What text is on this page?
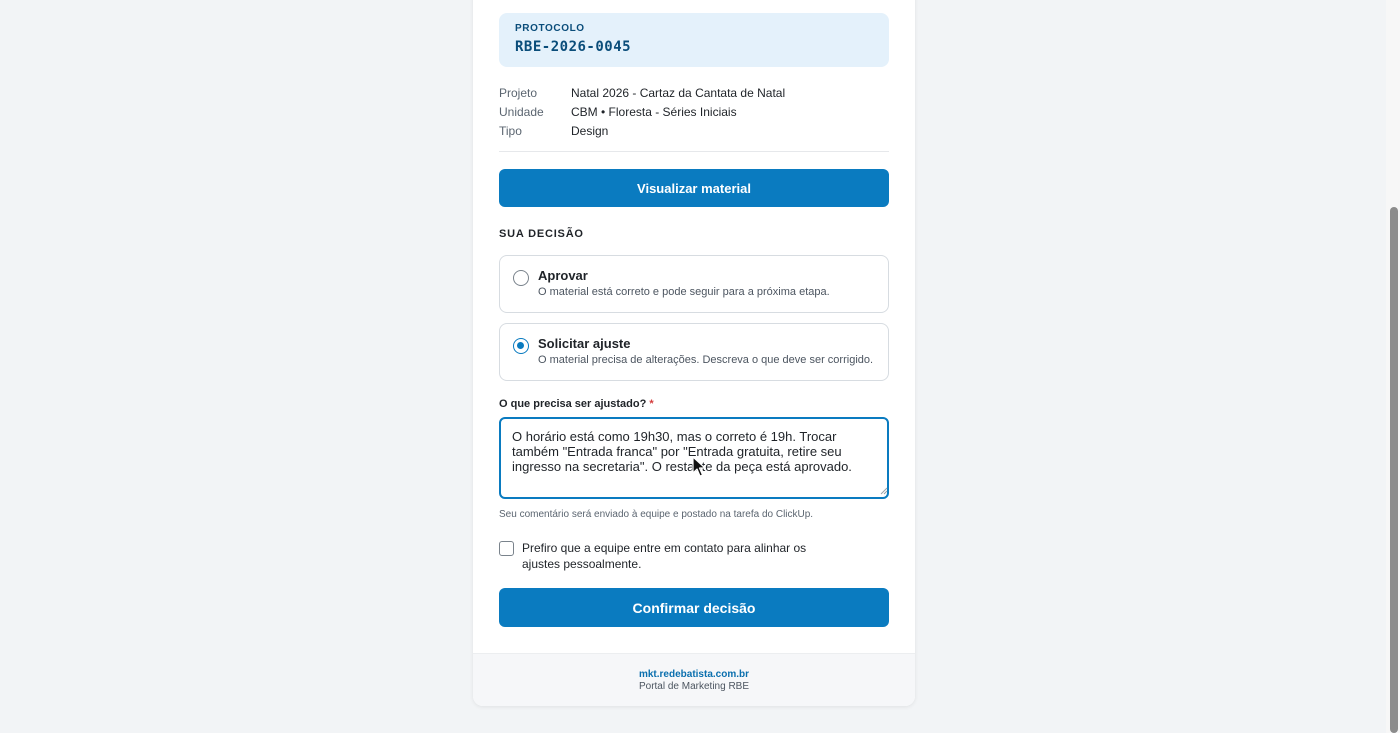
PROTOCOLO
RBE-2026-0045
Projeto	Natal 2026 - Cartaz da Cantata de Natal
Unidade	CBM • Floresta - Séries Iniciais
Tipo	Design
Visualizar material
SUA DECISÃO
Aprovar
O material está correto e pode seguir para a próxima etapa.
Solicitar ajuste
O material precisa de alterações. Descreva o que deve ser corrigido.
O que precisa ser ajustado? *
O horário está como 19h30, mas o correto é 19h. Trocar também "Entrada franca" por "Entrada gratuita, retire seu ingresso na secretaria". O restante da peça está aprovado.
Seu comentário será enviado à equipe e postado na tarefa do ClickUp.
Prefiro que a equipe entre em contato para alinhar os ajustes pessoalmente.
Confirmar decisão
mkt.redebatista.com.br
Portal de Marketing RBE
